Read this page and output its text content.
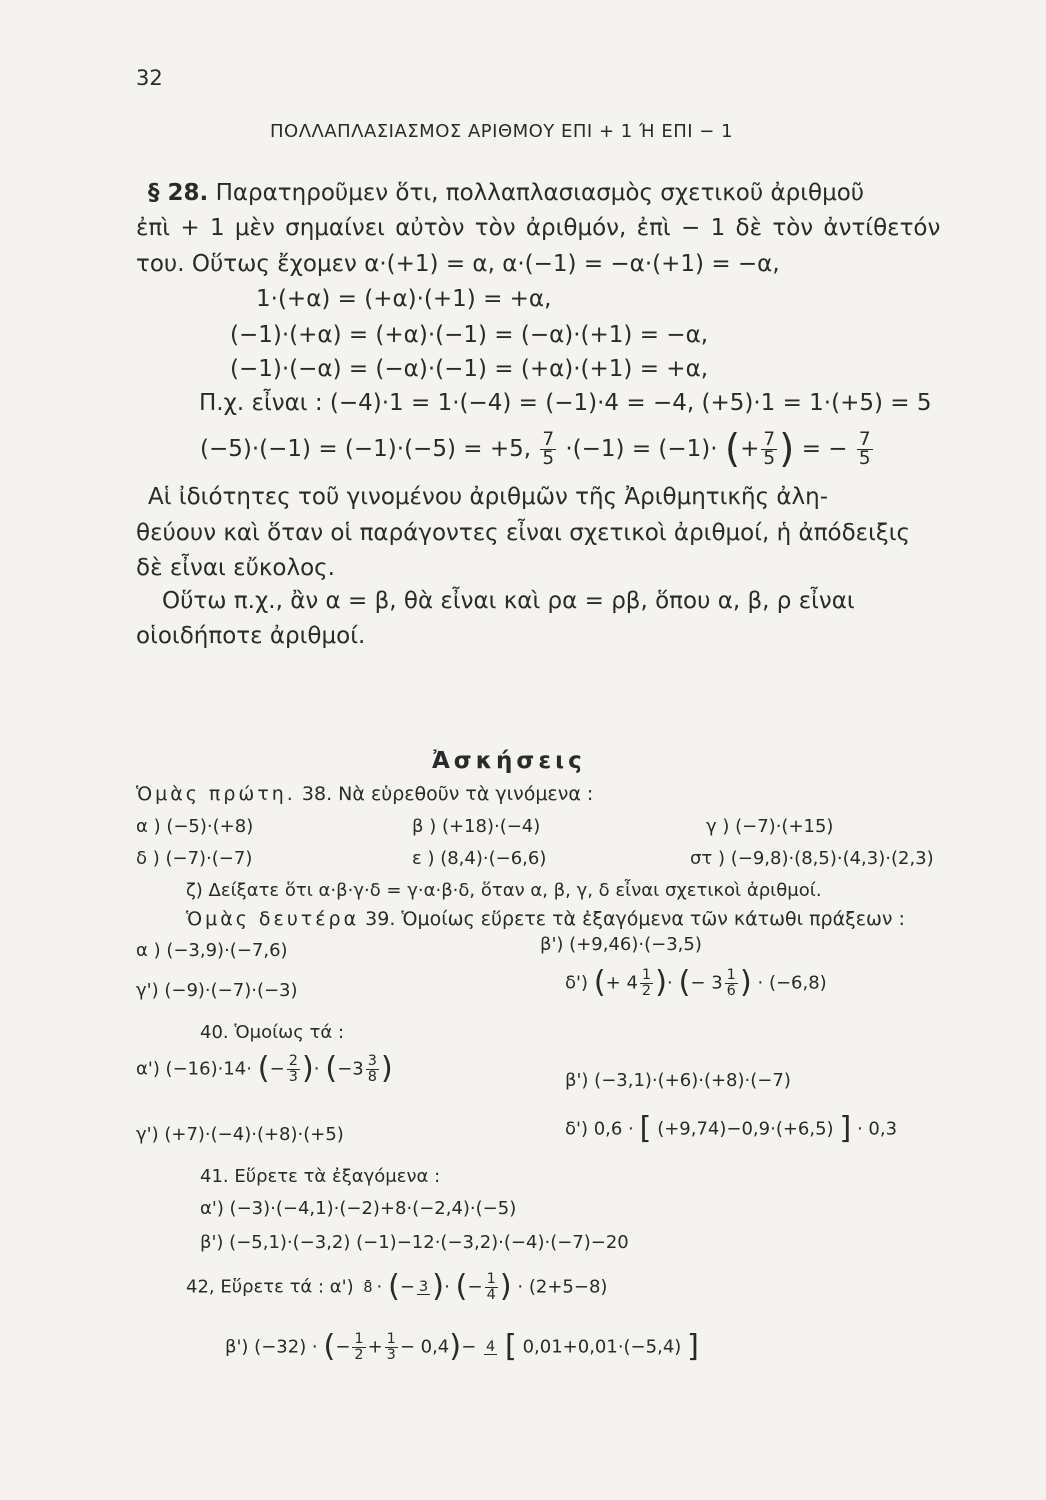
32
ΠΟΛΛΑΠΛΑΣΙΑΣΜΟΣ ΑΡΙΘΜΟΥ ΕΠΙ + 1 Ή ΕΠΙ − 1
§ 28. Παρατηροῦμεν ὅτι, πολλαπλασιασμὸς σχετικοῦ ἀριθμοῦ
ἐπὶ + 1 μὲν σημαίνει αὐτὸν τὸν ἀριθμόν, ἐπὶ − 1 δὲ τὸν ἀντίθετόν
του. Οὕτως ἔχομεν α·(+1) = α, α·(−1) = −α·(+1) = −α,
1·(+α) = (+α)·(+1) = +α,
(−1)·(+α) = (+α)·(−1) = (−α)·(+1) = −α,
(−1)·(−α) = (−α)·(−1) = (+α)·(+1) = +α,
Π.χ. εἶναι : (−4)·1 = 1·(−4) = (−1)·4 = −4, (+5)·1 = 1·(+5) = 5
(−5)·(−1) = (−1)·(−5) = +5, $\frac{7}{5} \cdot(-1) = (-1)\cdot$ (+ $\frac{7}{5}$ ) = − $\frac{7}{5}$
Αἱ ἰδιότητες τοῦ γινομένου ἀριθμῶν τῆς Ἀριθμητικῆς ἀλη-
θεύουν καὶ ὅταν οἱ παράγοντες εἶναι σχετικοὶ ἀριθμοί, ἡ ἀπόδειξις
δὲ εἶναι εὔκολος.
Οὕτω π.χ., ἂν α = β, θὰ εἶναι καὶ ρα = ρβ, ὅπου α, β, ρ εἶναι
οἱοιδήποτε ἀριθμοί.
Ἀσκήσεις
Ὁμὰς πρώτη. 38. Νὰ εὑρεθοῦν τὰ γινόμενα :
α ) (−5)·(+8)	β ) (+18)·(−4)	γ ) (−7)·(+15)
δ ) (−7)·(−7)	ε ) (8,4)·(−6,6)	στ ) (−9,8)·(8,5)·(4,3)·(2,3)
ζ) Δείξατε ὅτι α·β·γ·δ = γ·α·β·δ, ὅταν α, β, γ, δ εἶναι σχετικοὶ ἀριθμοί.
Ὁμὰς δευτέρα 39. Ὁμοίως εὕρετε τὰ ἐξαγόμενα τῶν κάτωθι πράξεων :
α ) (−3,9)·(−7,6)	β') (+9,46)·(−3,5)
γ') (−9)·(−7)·(−3)	δ') (+ $4 \frac{1}{2}$ )· (− $3 \frac{1}{6}$ ) · (−6,8)
40. Ὁμοίως τά :
α') (−16)·14· (− $\frac{2}{3}$ )· ($-3 \frac{3}{8}$ )	β') (−3,1)·(+6)·(+8)·(−7)
γ') (+7)·(−4)·(+8)·(+5)	δ') 0,6 · [ (+9,74)−0,9·(+6,5) ] · 0,3
41. Εὕρετε τὰ ἐξαγόμενα :
α') (−3)·(−4,1)·(−2)+8·(−2,4)·(−5)
β') (−5,1)·(−3,2) (−1)−12·(−3,2)·(−4)·(−7)−20
42, Εὕρετε τά : α') 8 · (− 3 )· (− $\frac{1}{4}$ ) · (2+5−8)
β') (−32) · (− $\frac{1}{2} + \frac{1}{3} - 0,4)- 4$ [ 0,01+0,01·(−5,4) ]
